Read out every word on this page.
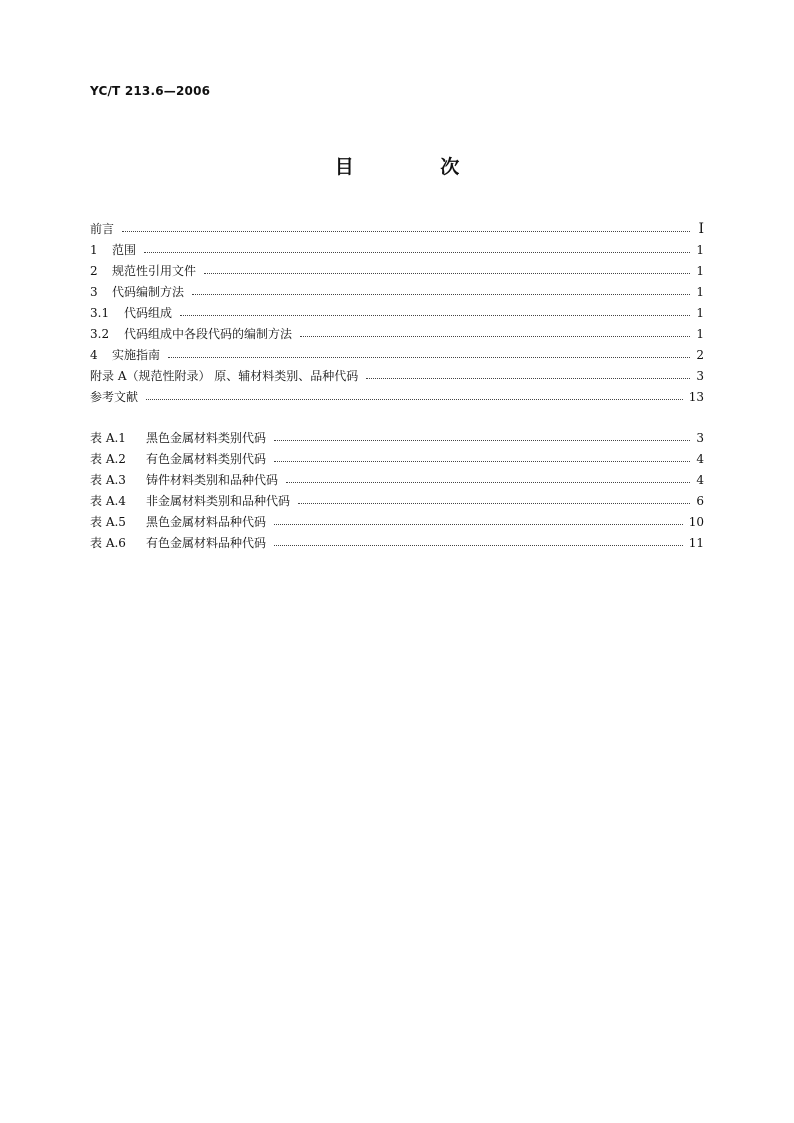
YC/T 213.6—2006
目 次
前言	Ⅰ
1	范围	1
2	规范性引用文件	1
3	代码编制方法	1
3.1	代码组成	1
3.2	代码组成中各段代码的编制方法	1
4	实施指南	2
附录 A（规范性附录） 原、辅材料类别、品种代码	3
参考文献	13
表 A.1	黑色金属材料类别代码	3
表 A.2	有色金属材料类别代码	4
表 A.3	铸件材料类别和品种代码	4
表 A.4	非金属材料类别和品种代码	6
表 A.5	黑色金属材料品种代码	10
表 A.6	有色金属材料品种代码	11
